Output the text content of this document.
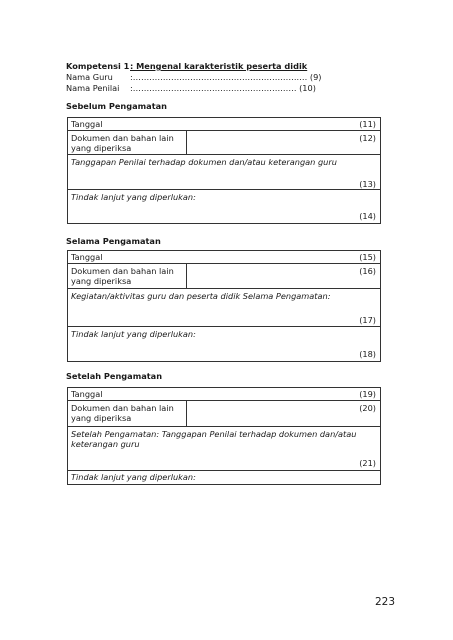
Kompetensi 1: Mengenal karakteristik peserta didik
Nama Guru :…………………………………………………….… (9)
Nama Penilai :…………………………………………………… (10)
Sebelum Pengamatan
Tanggal	(11)
Dokumen dan bahan lain
yang diperiksa
(12)
Tanggapan Penilai terhadap dokumen dan/atau keterangan guru
(13)
Tindak lanjut yang diperlukan:
(14)
Selama Pengamatan
Tanggal	(15)
Dokumen dan bahan lain
yang diperiksa
(16)
Kegiatan/aktivitas guru dan peserta didik Selama Pengamatan:
(17)
Tindak lanjut yang diperlukan:
(18)
Setelah Pengamatan
Tanggal	(19)
Dokumen dan bahan lain
yang diperiksa
(20)
Setelah Pengamatan: Tanggapan Penilai terhadap dokumen dan/atau keterangan guru
(21)
Tindak lanjut yang diperlukan:
223
